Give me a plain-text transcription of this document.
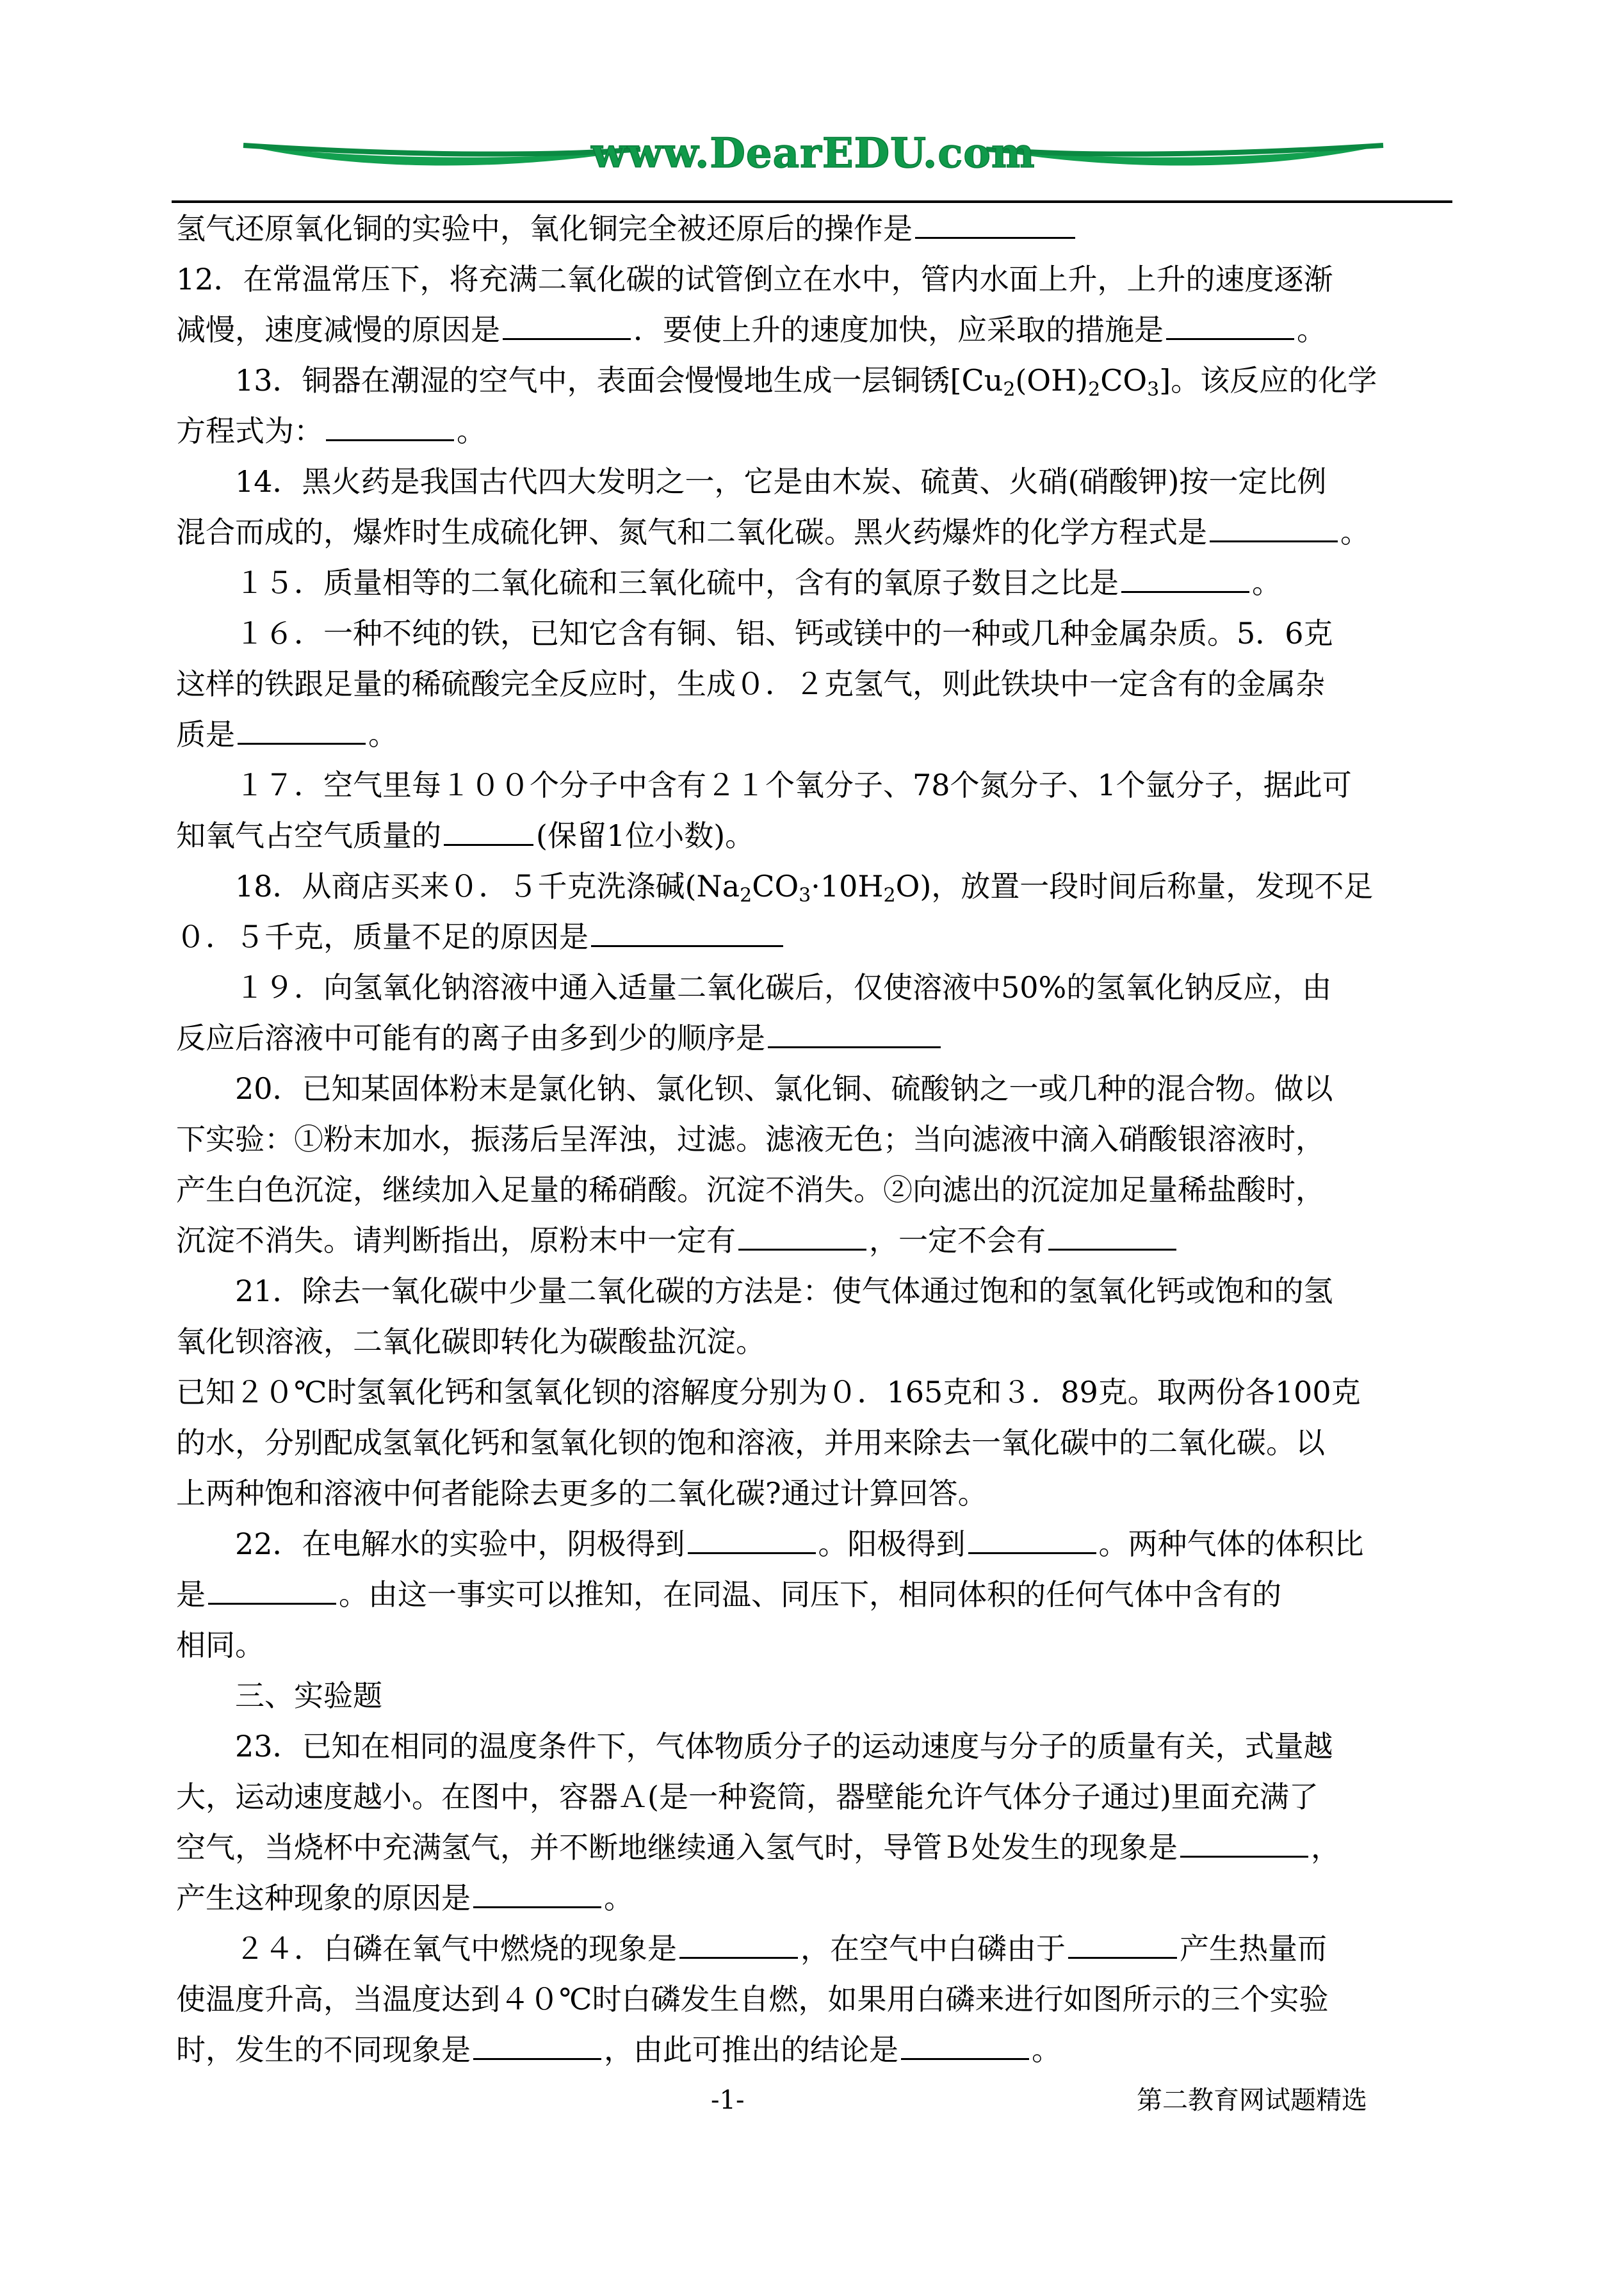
www.DearEDU.com
氢气还原氧化铜的实验中，氧化铜完全被还原后的操作是
12．在常温常压下，将充满二氧化碳的试管倒立在水中，管内水面上升，上升的速度逐渐
减慢，速度减慢的原因是	．要使上升的速度加快，应采取的措施是	。
13．铜器在潮湿的空气中，表面会慢慢地生成一层铜锈$[Cu_2(OH)_2CO_3]$。该反应的化学
方程式为：	。
14．黑火药是我国古代四大发明之一，它是由木炭、硫黄、火硝(硝酸钾)按一定比例
混合而成的，爆炸时生成硫化钾、氮气和二氧化碳。黑火药爆炸的化学方程式是	。
１５．质量相等的二氧化硫和三氧化硫中，含有的氧原子数目之比是	。
１６．一种不纯的铁，已知它含有铜、铝、钙或镁中的一种或几种金属杂质。5．6克
这样的铁跟足量的稀硫酸完全反应时，生成０．２克氢气，则此铁块中一定含有的金属杂
质是	。
１７．空气里每１００个分子中含有２１个氧分子、78个氮分子、1个氩分子，据此可
知氧气占空气质量的	(保留1位小数)。
18．从商店买来０．５千克洗涤碱$(Na_2CO_3\cdot 10H_2O)$，放置一段时间后称量，发现不足
０．５千克，质量不足的原因是
１９．向氢氧化钠溶液中通入适量二氧化碳后，仅使溶液中50%的氢氧化钠反应，由
反应后溶液中可能有的离子由多到少的顺序是
20．已知某固体粉末是氯化钠、氯化钡、氯化铜、硫酸钠之一或几种的混合物。做以
下实验：①粉末加水，振荡后呈浑浊，过滤。滤液无色；当向滤液中滴入硝酸银溶液时，
产生白色沉淀，继续加入足量的稀硝酸。沉淀不消失。②向滤出的沉淀加足量稀盐酸时，
沉淀不消失。请判断指出，原粉末中一定有	，一定不会有
21．除去一氧化碳中少量二氧化碳的方法是：使气体通过饱和的氢氧化钙或饱和的氢
氧化钡溶液，二氧化碳即转化为碳酸盐沉淀。
已知２０℃时氢氧化钙和氢氧化钡的溶解度分别为０．165克和３．89克。取两份各100克
的水，分别配成氢氧化钙和氢氧化钡的饱和溶液，并用来除去一氧化碳中的二氧化碳。以
上两种饱和溶液中何者能除去更多的二氧化碳?通过计算回答。
22．在电解水的实验中，阴极得到	。阳极得到	。两种气体的体积比
是	。由这一事实可以推知，在同温、同压下，相同体积的任何气体中含有的
相同。
三、实验题
23．已知在相同的温度条件下，气体物质分子的运动速度与分子的质量有关，式量越
大，运动速度越小。在图中，容器Ａ(是一种瓷筒，器壁能允许气体分子通过)里面充满了
空气，当烧杯中充满氢气，并不断地继续通入氢气时，导管Ｂ处发生的现象是	，
产生这种现象的原因是	。
２４．白磷在氧气中燃烧的现象是	，在空气中白磷由于	产生热量而
使温度升高，当温度达到４０℃时白磷发生自燃，如果用白磷来进行如图所示的三个实验
时，发生的不同现象是	，由此可推出的结论是	。
-1-	第二教育网试题精选
